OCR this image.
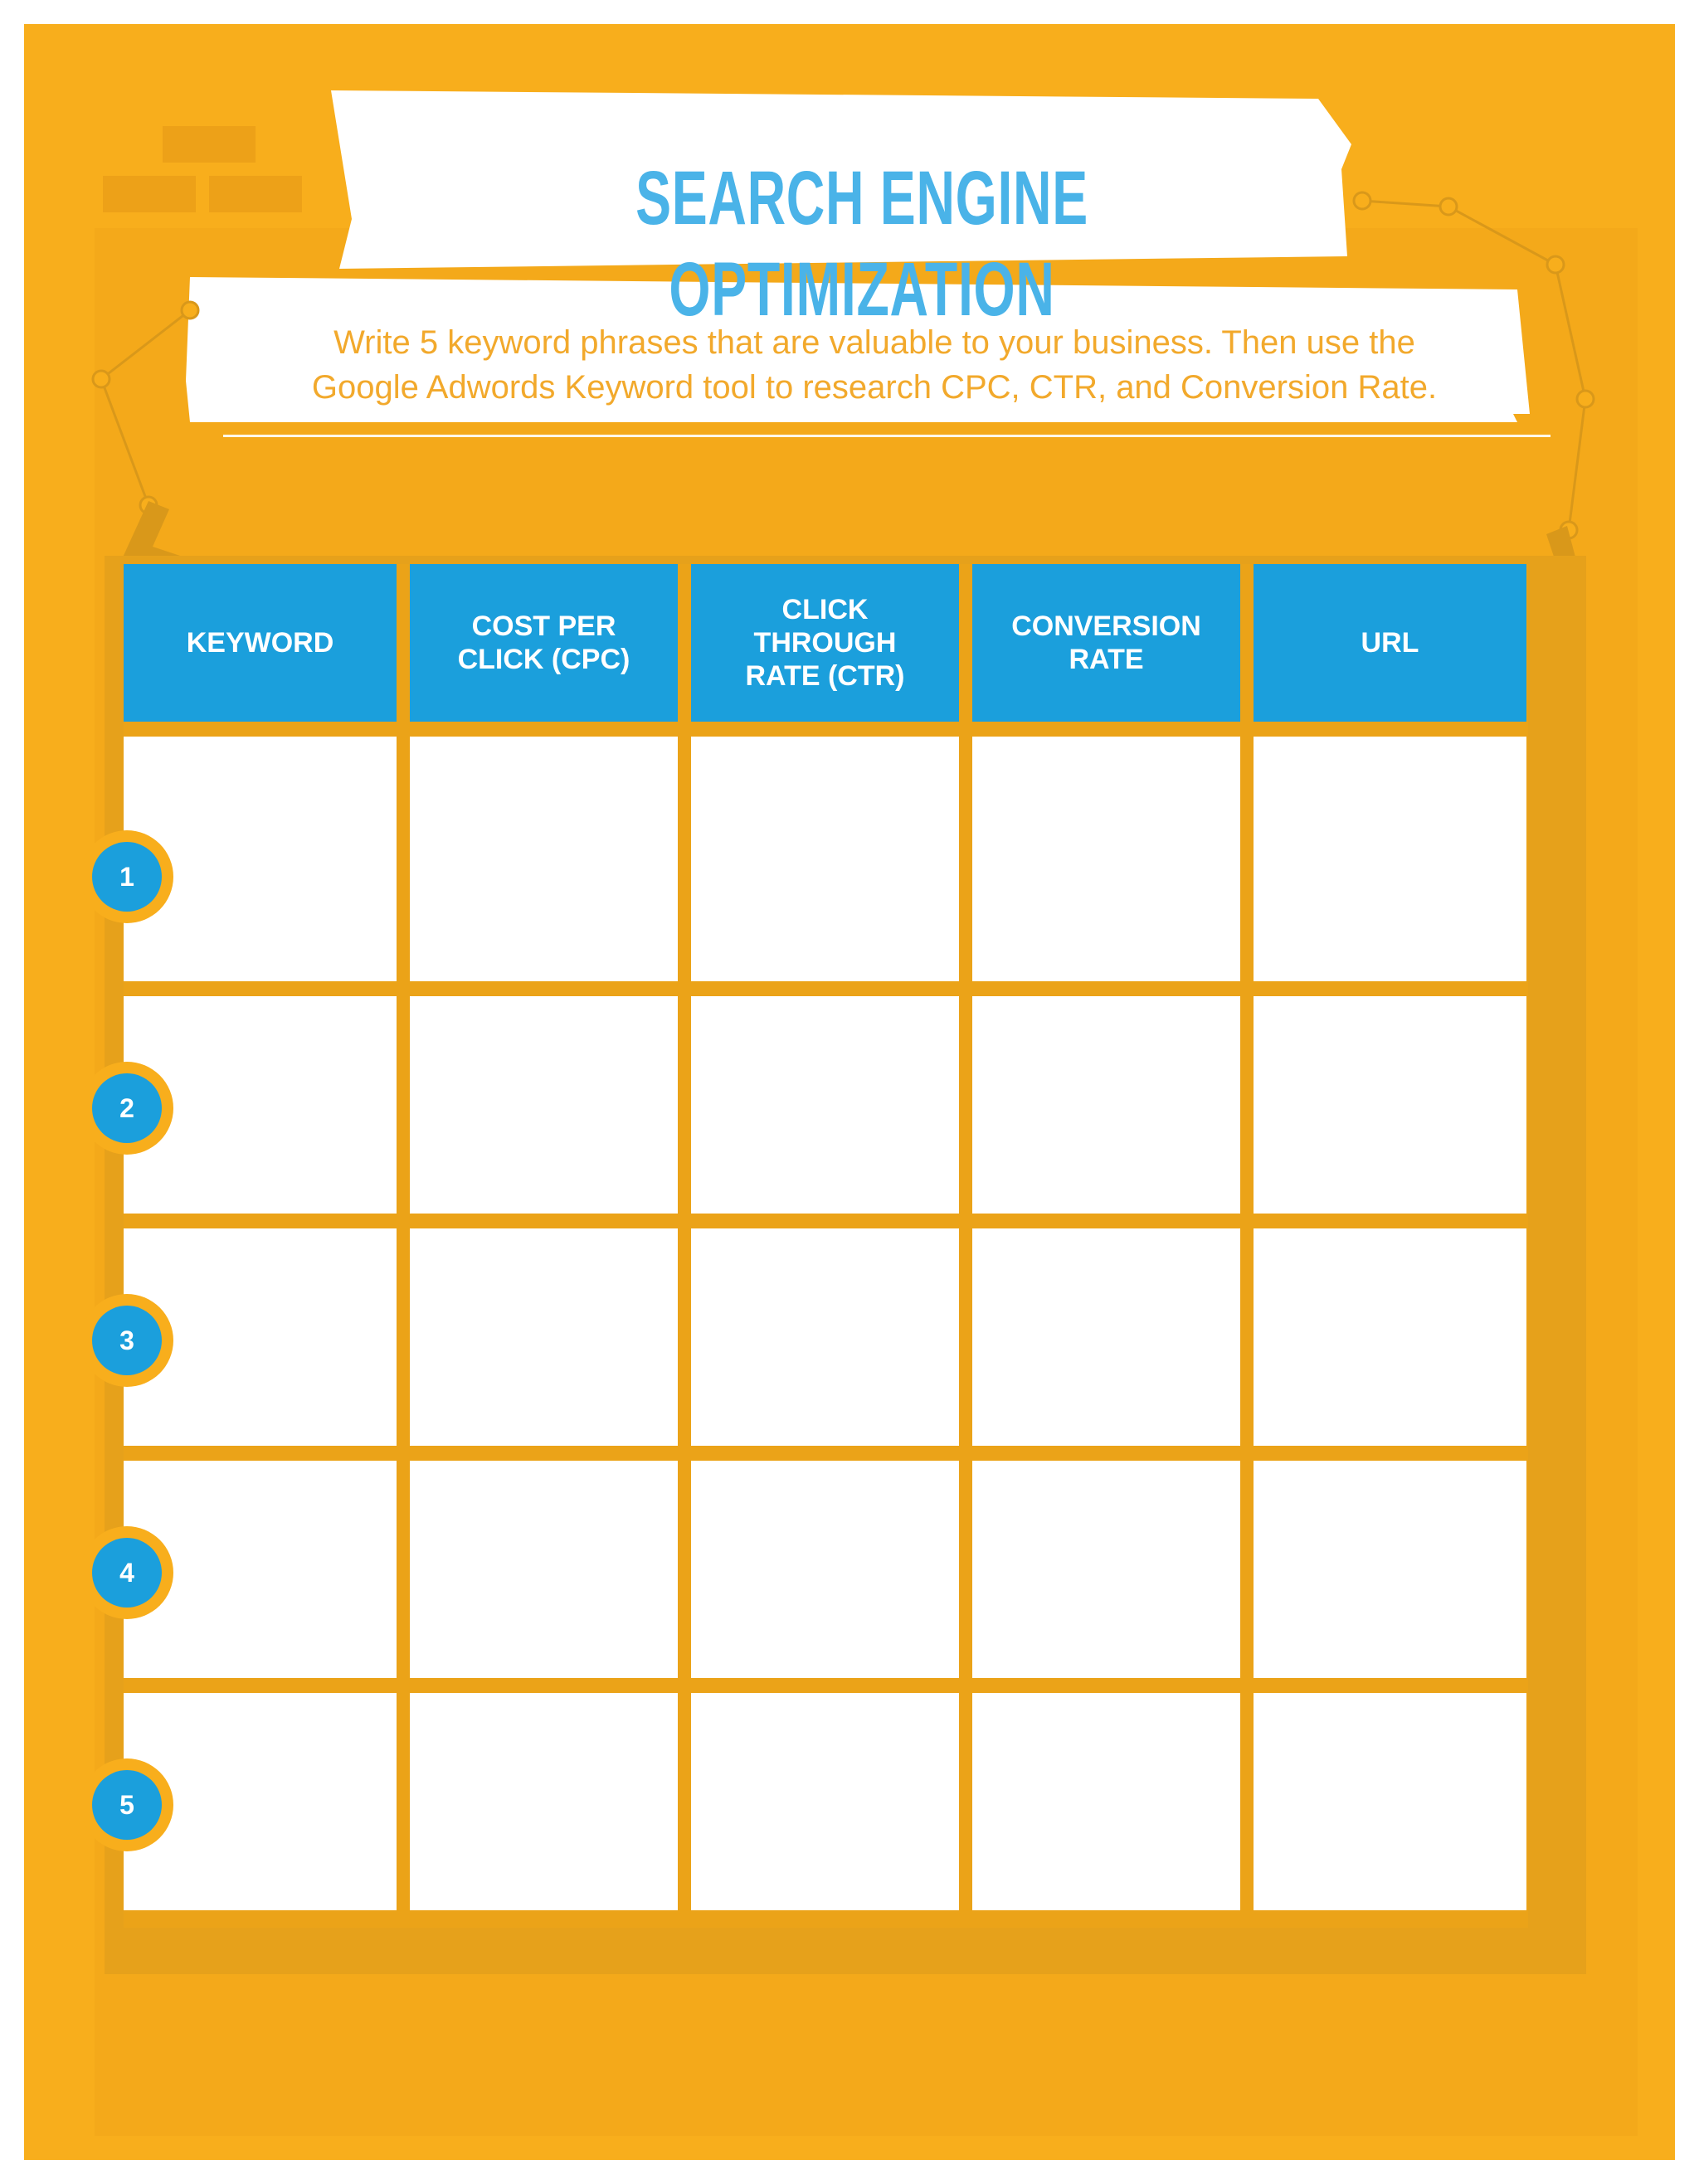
SEARCH ENGINE OPTIMIZATION

Write 5 keyword phrases that are valuable to your business. Then use the
Google Adwords Keyword tool to research CPC, CTR, and Conversion Rate.

KEYWORD
COST PER
CLICK (CPC)
CLICK
THROUGH
RATE (CTR)
CONVERSION
RATE
URL
1
2
3
4
5
